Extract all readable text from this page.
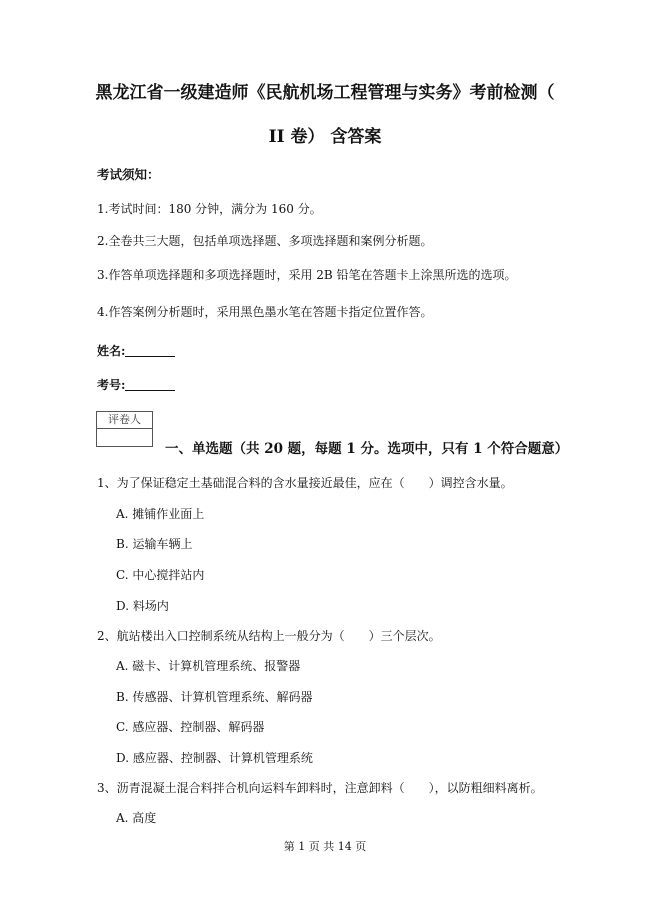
黑龙江省一级建造师《民航机场工程管理与实务》考前检测（
II 卷） 含答案
考试须知：
1.考试时间：180 分钟，满分为 160 分。
2.全卷共三大题，包括单项选择题、多项选择题和案例分析题。
3.作答单项选择题和多项选择题时，采用 2B 铅笔在答题卡上涂黑所选的选项。
4.作答案例分析题时，采用黑色墨水笔在答题卡指定位置作答。
姓名:
考号:
评卷人
一、单选题（共 20 题，每题 1 分。选项中，只有 1 个符合题意）
1、为了保证稳定土基础混合料的含水量接近最佳，应在（　　）调控含水量。
A. 摊铺作业面上
B. 运输车辆上
C. 中心搅拌站内
D. 料场内
2、航站楼出入口控制系统从结构上一般分为（　　）三个层次。
A. 磁卡、计算机管理系统、报警器
B. 传感器、计算机管理系统、解码器
C. 感应器、控制器、解码器
D. 感应器、控制器、计算机管理系统
3、沥青混凝土混合料拌合机向运料车卸料时，注意卸料（　　），以防粗细料离析。
A. 高度
第 1 页 共 14 页
